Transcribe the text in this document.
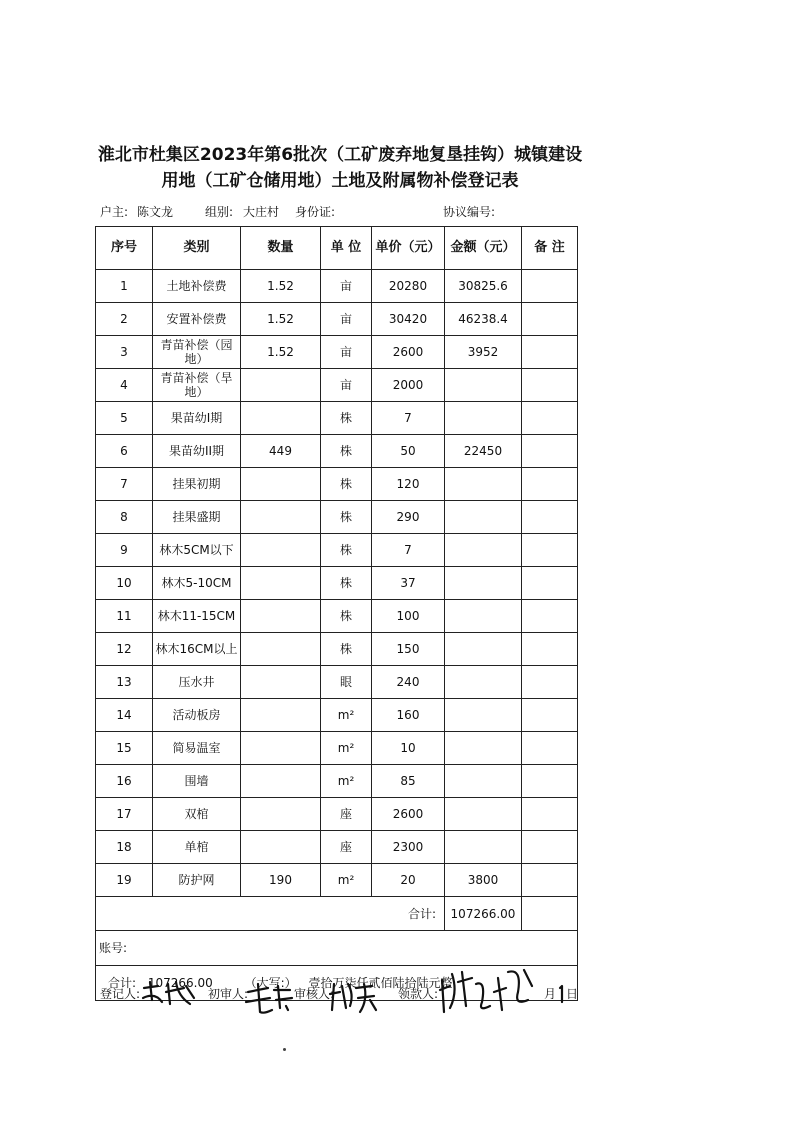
淮北市杜集区2023年第6批次（工矿废弃地复垦挂钩）城镇建设
用地（工矿仓储用地）土地及附属物补偿登记表
户主: 陈文龙	组别: 大庄村 身份证:	协议编号:
序号	类别	数量	单 位	单价（元）	金额（元）	备 注
1	土地补偿费	1.52	亩	20280	30825.6	
2	安置补偿费	1.52	亩	30420	46238.4	
3	青苗补偿（园地）	1.52	亩	2600	3952	
4	青苗补偿（旱地）		亩	2000		
5	果苗幼I期		株	7		
6	果苗幼II期	449	株	50	22450	
7	挂果初期		株	120		
8	挂果盛期		株	290		
9	林木5CM以下		株	7		
10	林木5-10CM		株	37		
11	林木11-15CM		株	100		
12	林木16CM以上		株	150		
13	压水井		眼	240		
14	活动板房		m²	160		
15	简易温室		m²	10		
16	围墙		m²	85		
17	双棺		座	2600		
18	单棺		座	2300		
19	防护网	190	m²	20	3800	
合计:					107266.00	
账号:						
合计: 107266.00 （大写:） 壹拾万柒仟贰佰陆拾陆元整						
登记人:	初审人:	审核人:	领款人:	月 日
